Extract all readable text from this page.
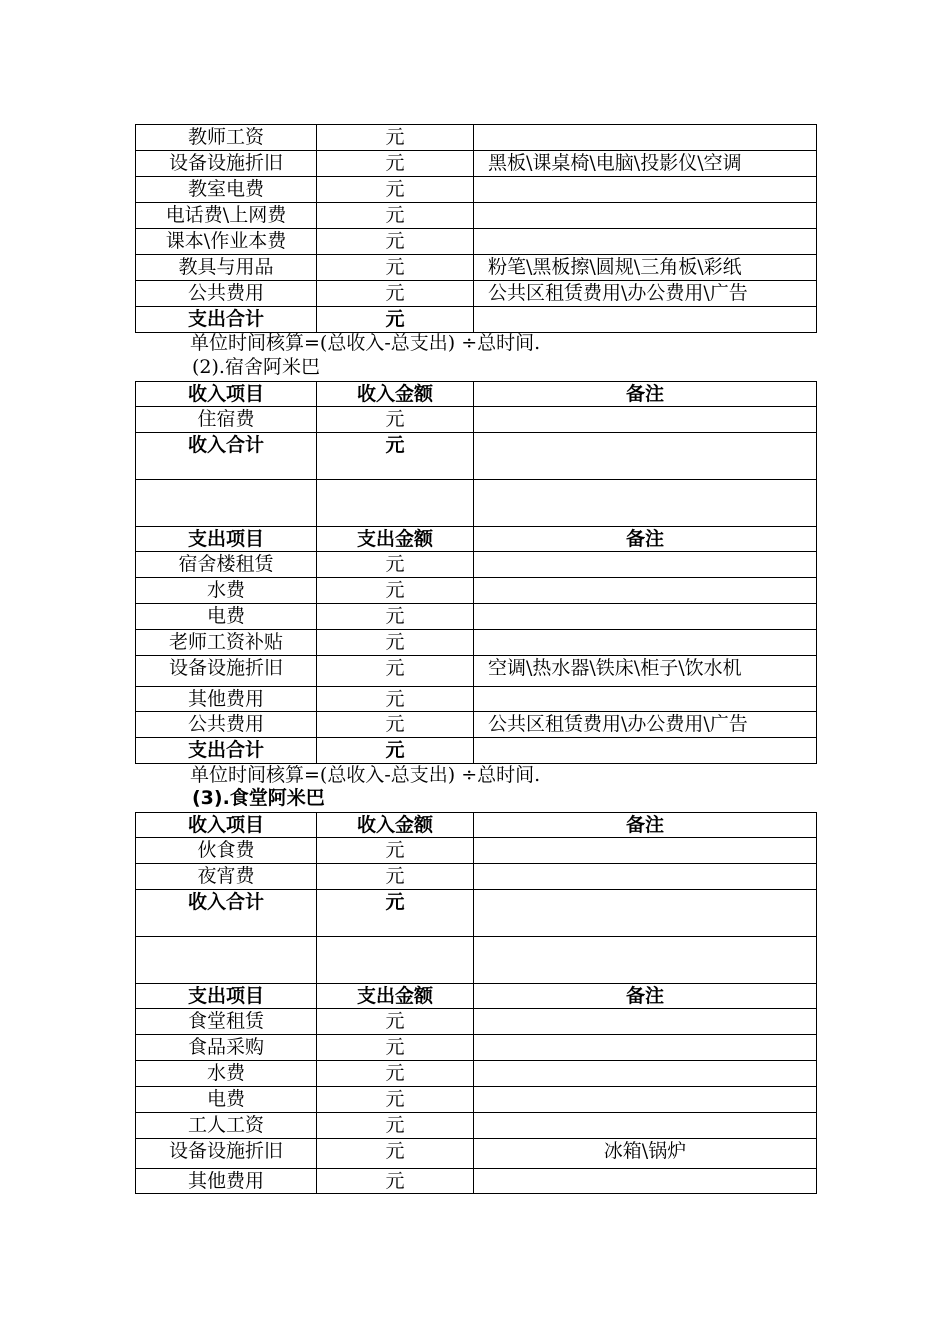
教师工资	元	

设备设施折旧	元	黑板\课桌椅\电脑\投影仪\空调

教室电费	元	

电话费\上网费	元	

课本\作业本费	元	

教具与用品	元	粉笔\黑板擦\圆规\三角板\彩纸

公共费用	元	公共区租赁费用\办公费用\广告

支出合计	元	

单位时间核算=(总收入-总支出) ÷总时间.
(2).宿舍阿米巴
收入项目	收入金额	备注

住宿费	元	

收入合计	元	

支出项目	支出金额	备注

宿舍楼租赁	元	

水费	元	

电费	元	

老师工资补贴	元	

设备设施折旧	元	空调\热水器\铁床\柜子\饮水机

其他费用	元	

公共费用	元	公共区租赁费用\办公费用\广告

支出合计	元	

单位时间核算=(总收入-总支出) ÷总时间.
(3).食堂阿米巴
收入项目	收入金额	备注

伙食费	元	

夜宵费	元	

收入合计	元	

支出项目	支出金额	备注

食堂租赁	元	

食品采购	元	

水费	元	

电费	元	

工人工资	元	

设备设施折旧	元	冰箱\锅炉

其他费用	元	
